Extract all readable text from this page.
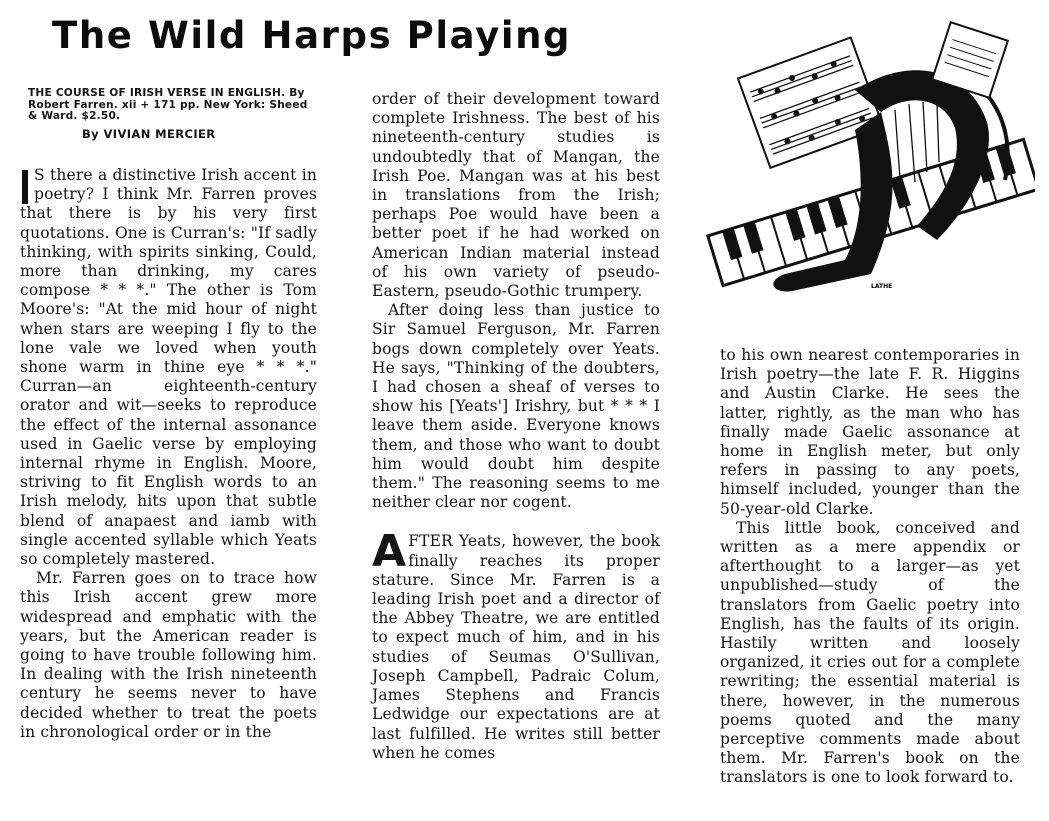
The Wild Harps Playing
THE COURSE OF IRISH VERSE IN ENGLISH. By Robert Farren. xii + 171 pp. New York: Sheed & Ward. $2.50.
By VIVIAN MERCIER

S there a distinctive Irish accent in poetry? I think Mr. Farren proves that there is by his very first quotations. One is Curran's: "If sadly thinking, with spirits sinking, Could, more than drinking, my cares compose * * *." The other is Tom Moore's: "At the mid hour of night when stars are weeping I fly to the lone vale we loved when youth shone warm in thine eye * * *." Curran—an eighteenth-century orator and wit—seeks to reproduce the effect of the internal assonance used in Gaelic verse by employing internal rhyme in English. Moore, striving to fit English words to an Irish melody, hits upon that subtle blend of anapaest and iamb with single accented syllable which Yeats so completely mastered.

Mr. Farren goes on to trace how this Irish accent grew more widespread and emphatic with the years, but the American reader is going to have trouble following him. In dealing with the Irish nineteenth century he seems never to have decided whether to treat the poets in chronological order or in the

order of their development toward complete Irishness. The best of his nineteenth-century studies is undoubtedly that of Mangan, the Irish Poe. Mangan was at his best in translations from the Irish; perhaps Poe would have been a better poet if he had worked on American Indian material instead of his own variety of pseudo-Eastern, pseudo-Gothic trumpery.

After doing less than justice to Sir Samuel Ferguson, Mr. Farren bogs down completely over Yeats. He says, "Thinking of the doubters, I had chosen a sheaf of verses to show his [Yeats'] Irishry, but * * * I leave them aside. Everyone knows them, and those who want to doubt him would doubt him despite them." The reasoning seems to me neither clear nor cogent.

AFTER Yeats, however, the book finally reaches its proper stature. Since Mr. Farren is a leading Irish poet and a director of the Abbey Theatre, we are entitled to expect much of him, and in his studies of Seumas O'Sullivan, Joseph Campbell, Padraic Colum, James Stephens and Francis Ledwidge our expectations are at last fulfilled. He writes still better when he comes

to his own nearest contemporaries in Irish poetry—the late F. R. Higgins and Austin Clarke. He sees the latter, rightly, as the man who has finally made Gaelic assonance at home in English meter, but only refers in passing to any poets, himself included, younger than the 50-year-old Clarke.

This little book, conceived and written as a mere appendix or afterthought to a larger—as yet unpublished—study of the translators from Gaelic poetry into English, has the faults of its origin. Hastily written and loosely organized, it cries out for a complete rewriting; the essential material is there, however, in the numerous poems quoted and the many perceptive comments made about them. Mr. Farren's book on the translators is one to look forward to.

LATHE
